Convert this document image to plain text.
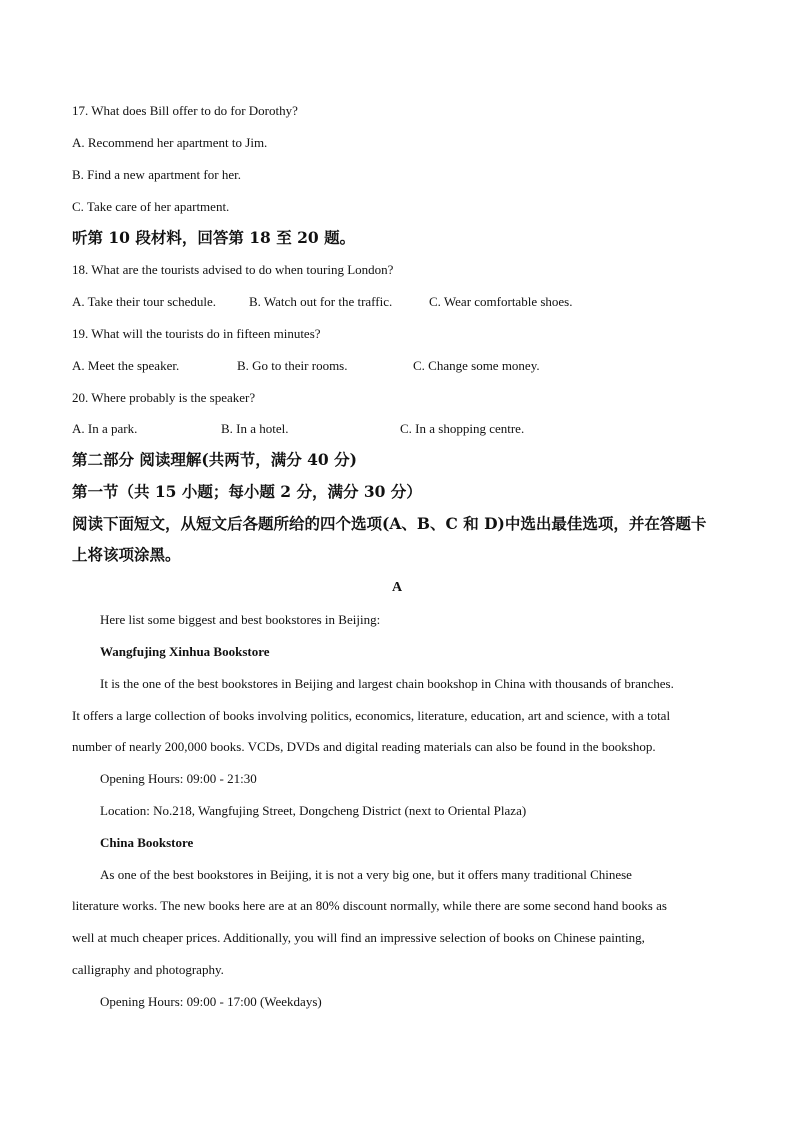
17. What does Bill offer to do for Dorothy?
A. Recommend her apartment to Jim.
B. Find a new apartment for her.
C. Take care of her apartment.
听第 10 段材料，回答第 18 至 20 题。
18. What are the tourists advised to do when touring London?
A. Take their tour schedule.	B. Watch out for the traffic.	C. Wear comfortable shoes.
19. What will the tourists do in fifteen minutes?
A. Meet the speaker.	B. Go to their rooms.	C. Change some money.
20. Where probably is the speaker?
A. In a park.	B. In a hotel.	C. In a shopping centre.
第二部分 阅读理解(共两节，满分 40 分)
第一节（共 15 小题；每小题 2 分，满分 30 分）
阅读下面短文，从短文后各题所给的四个选项(A、B、C 和 D)中选出最佳选项，并在答题卡
上将该项涂黑。
A
Here list some biggest and best bookstores in Beijing:
Wangfujing Xinhua Bookstore
It is the one of the best bookstores in Beijing and largest chain bookshop in China with thousands of branches.
It offers a large collection of books involving politics, economics, literature, education, art and science, with a total
number of nearly 200,000 books. VCDs, DVDs and digital reading materials can also be found in the bookshop.
Opening Hours: 09:00 - 21:30
Location: No.218, Wangfujing Street, Dongcheng District (next to Oriental Plaza)
China Bookstore
As one of the best bookstores in Beijing, it is not a very big one, but it offers many traditional Chinese
literature works. The new books here are at an 80% discount normally, while there are some second hand books as
well at much cheaper prices. Additionally, you will find an impressive selection of books on Chinese painting,
calligraphy and photography.
Opening Hours: 09:00 - 17:00 (Weekdays)
